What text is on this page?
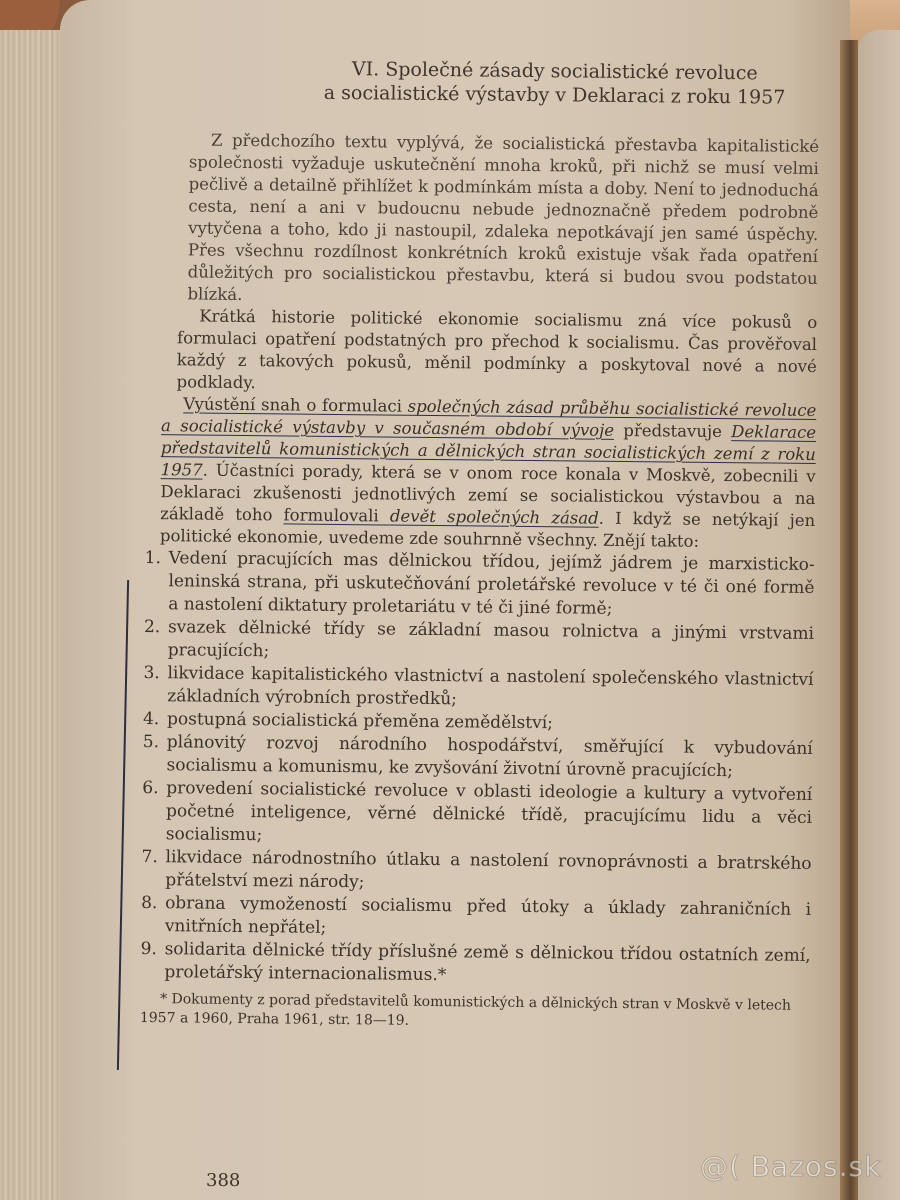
VI. Společné zásady socialistické revoluce
a socialistické výstavby v Deklaraci z roku 1957

Z předchozího textu vyplývá, že socialistická přestavba kapitalistické společnosti vyžaduje uskutečnění mnoha kroků, při nichž se musí velmi pečlivě a detailně přihlížet k podmínkám místa a doby. Není to jednoduchá cesta, není a ani v budoucnu nebude jednoznačně předem podrobně vytyčena a toho, kdo ji nastoupil, zdaleka nepotkávají jen samé úspěchy. Přes všechnu rozdílnost konkrétních kroků existuje však řada opatření důležitých pro socialistickou přestavbu, která si budou svou podstatou blízká.

Krátká historie politické ekonomie socialismu zná více pokusů o formulaci opatření podstatných pro přechod k socialismu. Čas prověřoval každý z takových pokusů, měnil podmínky a poskytoval nové a nové podklady.

Vyústění snah o formulaci společných zásad průběhu socialistické revoluce a socialistické výstavby v současném období vývoje představuje Deklarace představitelů komunistických a dělnických stran socialistických zemí z roku 1957. Účastníci porady, která se v onom roce konala v Moskvě, zobecnili v Deklaraci zkušenosti jednotlivých zemí se socialistickou výstavbou a na základě toho formulovali devět společných zásad. I když se netýkají jen politické ekonomie, uvedeme zde souhrnně všechny. Znějí takto:

1. Vedení pracujících mas dělnickou třídou, jejímž jádrem je marxisticko-leninská strana, při uskutečňování proletářské revoluce v té či oné formě a nastolení diktatury proletariátu v té či jiné formě;
2. svazek dělnické třídy se základní masou rolnictva a jinými vrstvami pracujících;
3. likvidace kapitalistického vlastnictví a nastolení společenského vlastnictví základních výrobních prostředků;
4. postupná socialistická přeměna zemědělství;
5. plánovitý rozvoj národního hospodářství, směřující k vybudování socialismu a komunismu, ke zvyšování životní úrovně pracujících;
6. provedení socialistické revoluce v oblasti ideologie a kultury a vytvoření početné inteligence, věrné dělnické třídě, pracujícímu lidu a věci socialismu;
7. likvidace národnostního útlaku a nastolení rovnoprávnosti a bratrského přátelství mezi národy;
8. obrana vymožeností socialismu před útoky a úklady zahraničních i vnitřních nepřátel;
9. solidarita dělnické třídy příslušné země s dělnickou třídou ostatních zemí, proletářský internacionalismus.*

* Dokumenty z porad představitelů komunistických a dělnických stran v Moskvě v letech 1957 a 1960, Praha 1961, str. 18—19.

388	@( Bazos.sk
